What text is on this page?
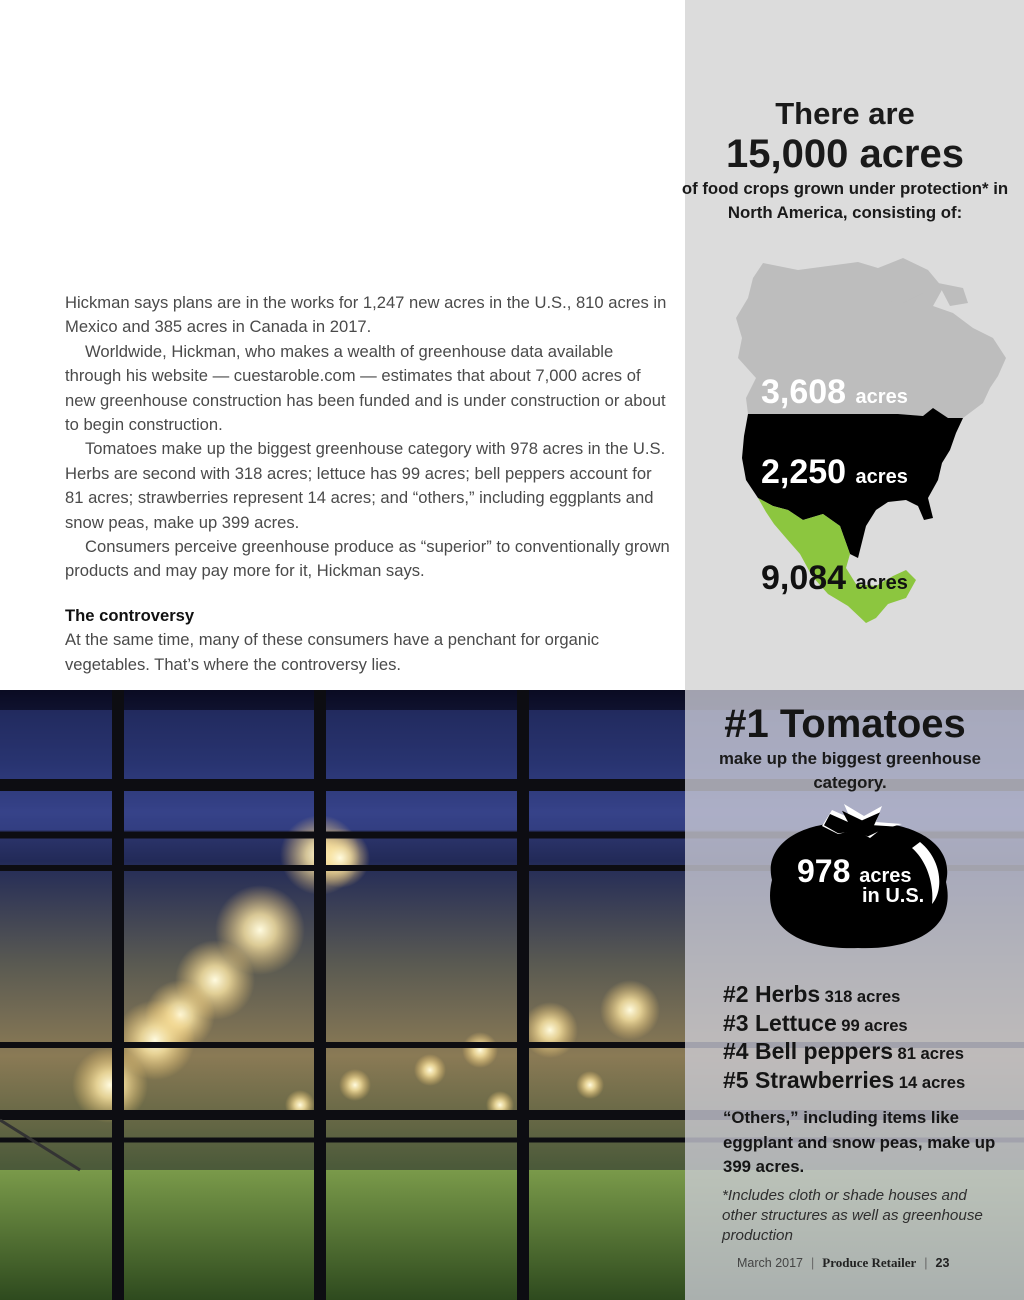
Hickman says plans are in the works for 1,247 new acres in the U.S., 810 acres in Mexico and 385 acres in Canada in 2017.

Worldwide, Hickman, who makes a wealth of greenhouse data available through his website — cuestaroble.com — estimates that about 7,000 acres of new greenhouse construction has been funded and is under construction or about to begin construction.

Tomatoes make up the biggest greenhouse category with 978 acres in the U.S. Herbs are second with 318 acres; lettuce has 99 acres; bell peppers account for 81 acres; strawberries represent 14 acres; and “others,” including eggplants and snow peas, make up 399 acres.

Consumers perceive greenhouse produce as “superior” to conventionally grown products and may pay more for it, Hickman says.

The controversy

At the same time, many of these consumers have a penchant for organic vegetables. That’s where the controversy lies.

There are
15,000 acres
of food crops grown under protection* in North America, consisting of:
3,608 acres
2,250 acres
9,084 acres
#1 Tomatoes
make up the biggest greenhouse category.
978 acres
in U.S.
#2 Herbs 318 acres
#3 Lettuce 99 acres
#4 Bell peppers 81 acres
#5 Strawberries 14 acres
“Others,” including items like eggplant and snow peas, make up 399 acres.
*Includes cloth or shade houses and other structures as well as greenhouse production
March 2017 | Produce Retailer | 23
